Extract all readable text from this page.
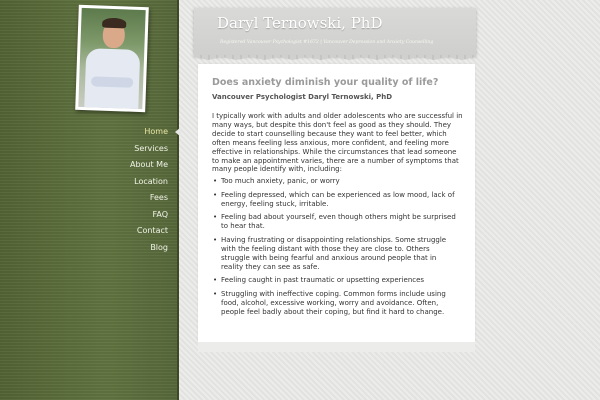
Home
Services
About Me
Location
Fees
FAQ
Contact
Blog
Daryl Ternowski, PhD
Registered Vancouver Psychologist #1672 | Vancouver Depression and Anxiety Counselling
Does anxiety diminish your quality of life?
Vancouver Psychologist Daryl Ternowski, PhD

I typically work with adults and older adolescents who are successful in many ways, but despite this don't feel as good as they should. They decide to start counselling because they want to feel better, which often means feeling less anxious, more confident, and feeling more effective in relationships. While the circumstances that lead someone to make an appointment varies, there are a number of symptoms that many people identify with, including:

• Too much anxiety, panic, or worry
• Feeling depressed, which can be experienced as low mood, lack of energy, feeling stuck, irritable.
• Feeling bad about yourself, even though others might be surprised to hear that.
• Having frustrating or disappointing relationships. Some struggle with the feeling distant with those they are close to. Others struggle with being fearful and anxious around people that in reality they can see as safe.
• Feeling caught in past traumatic or upsetting experiences
• Struggling with ineffective coping. Common forms include using food, alcohol, excessive working, worry and avoidance. Often, people feel badly about their coping, but find it hard to change.
